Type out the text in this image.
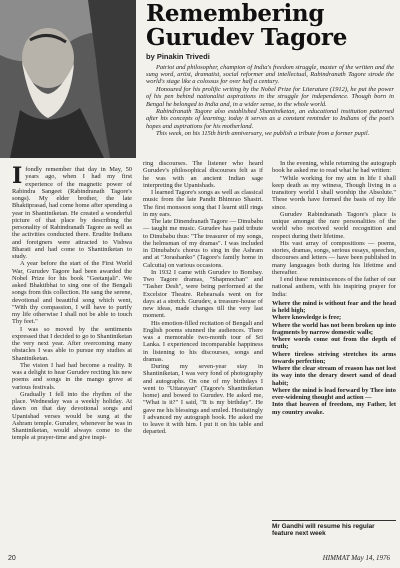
Remembering
Gurudev Tagore
by Pinakin Trivedi

Patriot and philosopher, champion of India's freedom struggle, master of the written and the sung word, artist, dramatist, social reformer and intellectual, Rabindranath Tagore strode the world's stage like a colossus for over half a century.

Honoured for his prolific writing by the Nobel Prize for Literature (1912), he put the power of his pen behind nationalist aspirations in the struggle for independence. Though born in Bengal he belonged to India and, in a wider sense, to the whole world.

Rabindranath Tagore also established Shantiniketan, an educational institution patterned after his concepts of learning; today it serves as a constant reminder to Indians of the poet's hopes and aspirations for his motherland.

This week, on his 115th birth anniversary, we publish a tribute from a former pupil.

I fondly remember that day in May, 50 years ago, when I had my first experience of the magnetic power of Rabindra Sangeet (Rabindranath Tagore's songs). My elder brother, the late Bhaktiprasad, had come home after spending a year in Shantiniketan. He created a wonderful picture of that place by describing the personality of Rabindranath Tagore as well as the activities conducted there. Erudite Indians and foreigners were attracted to Vishwa Bharati and had come to Shantiniketan to study.

A year before the start of the First World War, Gurudev Tagore had been awarded the Nobel Prize for his book "Geetanjali". We asked Bhaktibhai to sing one of the Bengali songs from this collection. He sang the serene, devotional and beautiful song which went, "With thy compassion, I will have to purify my life otherwise I shall not be able to touch Thy feet."

I was so moved by the sentiments expressed that I decided to go to Shantiniketan the very next year. After overcoming many obstacles I was able to pursue my studies at Shantiniketan.

The vision I had had become a reality. It was a delight to hear Gurudev reciting his new poems and songs in the mango grove at various festivals.

Gradually I fell into the rhythm of the place. Wednesday was a weekly holiday. At dawn on that day devotional songs and Upanishad verses would be sung at the Ashram temple. Gurudev, whenever he was in Shantiniketan, would always come to the temple at prayer-time and give inspi-

ring discourses. The listener who heard Gurudev's philosophical discourses felt as if he was with an ancient Indian sage interpreting the Upanishads.

I learned Tagore's songs as well as classical music from the late Pandit Bhimrao Shastri. The first monsoon song that I learnt still rings in my ears.

The late Dinendranath Tagore — Dinubabu — taught me music. Gurudev has paid tribute to Dinubabu thus: "The treasurer of my songs, the helmsman of my dramas". I was included in Dinubabu's chorus to sing in the Ashram and at "Jorashanko" (Tagore's family home in Calcutta) on various occasions.

In 1932 I came with Gurudev to Bombay. Two Tagore dramas, "Shapmochan" and "Tasher Desh", were being performed at the Excelsior Theatre. Rehearsals went on for days at a stretch. Gurudev, a treasure-house of new ideas, made changes till the very last moment.

His emotion-filled recitation of Bengali and English poems stunned the audiences. There was a memorable two-month tour of Sri Lanka. I experienced incomparable happiness in listening to his discourses, songs and dramas.

During my seven-year stay in Shantiniketan, I was very fond of photography and autographs. On one of my birthdays I went to "Uttarayan" (Tagore's Shantiniketan home) and bowed to Gurudev. He asked me, "What is it?" I said, "It is my birthday". He gave me his blessings and smiled. Hesitatingly I advanced my autograph book. He asked me to leave it with him. I put it on his table and departed.

In the evening, while returning the autograph book he asked me to read what he had written:

"While working for my aim in life I shall keep death as my witness, Though living in a transitory world I shall worship the Absolute." These words have formed the basis of my life since.

Gurudev Rabindranath Tagore's place is unique amongst the rare personalities of the world who received world recognition and respect during their lifetime.

His vast array of compositions — poems, stories, dramas, songs, serious essays, speeches, discourses and letters — have been published in many languages both during his lifetime and thereafter.

I end these reminiscences of the father of our national anthem, with his inspiring prayer for India:

Where the mind is without fear and the head is held high;
Where knowledge is free;
Where the world has not been broken up into fragments by narrow domestic walls;
Where words come out from the depth of truth;
Where tireless striving stretches its arms towards perfection;
Where the clear stream of reason has not lost its way into the dreary desert sand of dead habit;
Where the mind is lead forward by Thee into ever-widening thought and action —
Into that heaven of freedom, my Father, let my country awake.

Mr Gandhi will resume his regular feature next week
20	HIMMAT May 14, 1976
